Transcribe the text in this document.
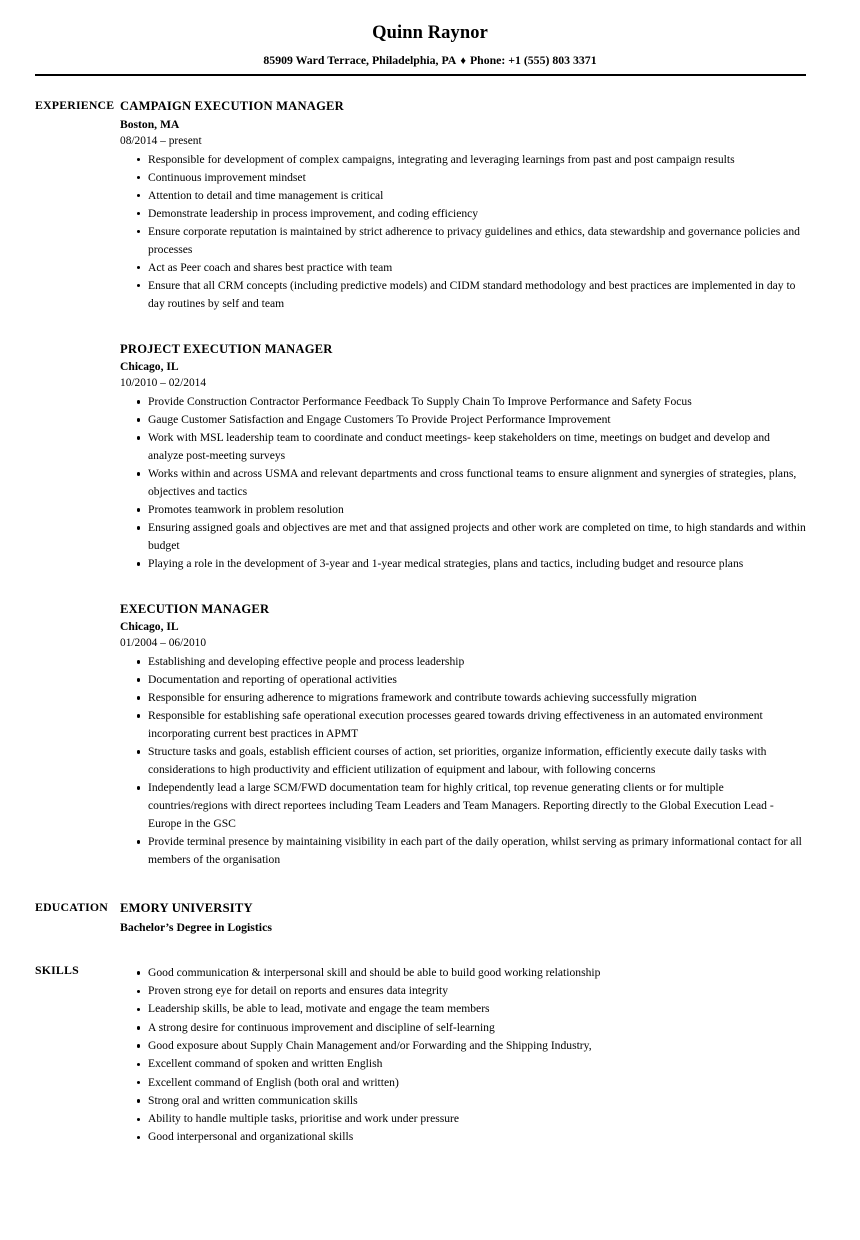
Quinn Raynor
85909 Ward Terrace, Philadelphia, PA ♦ Phone: +1 (555) 803 3371
EXPERIENCE CAMPAIGN EXECUTION MANAGER
Boston, MA
08/2014 – present
Responsible for development of complex campaigns, integrating and leveraging learnings from past and post campaign results
Continuous improvement mindset
Attention to detail and time management is critical
Demonstrate leadership in process improvement, and coding efficiency
Ensure corporate reputation is maintained by strict adherence to privacy guidelines and ethics, data stewardship and governance policies and processes
Act as Peer coach and shares best practice with team
Ensure that all CRM concepts (including predictive models) and CIDM standard methodology and best practices are implemented in day to day routines by self and team
PROJECT EXECUTION MANAGER
Chicago, IL
10/2010 – 02/2014
Provide Construction Contractor Performance Feedback To Supply Chain To Improve Performance and Safety Focus
Gauge Customer Satisfaction and Engage Customers To Provide Project Performance Improvement
Work with MSL leadership team to coordinate and conduct meetings- keep stakeholders on time, meetings on budget and develop and analyze post-meeting surveys
Works within and across USMA and relevant departments and cross functional teams to ensure alignment and synergies of strategies, plans, objectives and tactics
Promotes teamwork in problem resolution
Ensuring assigned goals and objectives are met and that assigned projects and other work are completed on time, to high standards and within budget
Playing a role in the development of 3-year and 1-year medical strategies, plans and tactics, including budget and resource plans
EXECUTION MANAGER
Chicago, IL
01/2004 – 06/2010
Establishing and developing effective people and process leadership
Documentation and reporting of operational activities
Responsible for ensuring adherence to migrations framework and contribute towards achieving successfully migration
Responsible for establishing safe operational execution processes geared towards driving effectiveness in an automated environment incorporating current best practices in APMT
Structure tasks and goals, establish efficient courses of action, set priorities, organize information, efficiently execute daily tasks with considerations to high productivity and efficient utilization of equipment and labour, with following concerns
Independently lead a large SCM/FWD documentation team for highly critical, top revenue generating clients or for multiple countries/regions with direct reportees including Team Leaders and Team Managers. Reporting directly to the Global Execution Lead - Europe in the GSC
Provide terminal presence by maintaining visibility in each part of the daily operation, whilst serving as primary informational contact for all members of the organisation
EDUCATION EMORY UNIVERSITY
Bachelor’s Degree in Logistics
SKILLS	Good communication & interpersonal skill and should be able to build good working relationship
Proven strong eye for detail on reports and ensures data integrity
Leadership skills, be able to lead, motivate and engage the team members
A strong desire for continuous improvement and discipline of self-learning
Good exposure about Supply Chain Management and/or Forwarding and the Shipping Industry,
Excellent command of spoken and written English
Excellent command of English (both oral and written)
Strong oral and written communication skills
Ability to handle multiple tasks, prioritise and work under pressure
Good interpersonal and organizational skills
